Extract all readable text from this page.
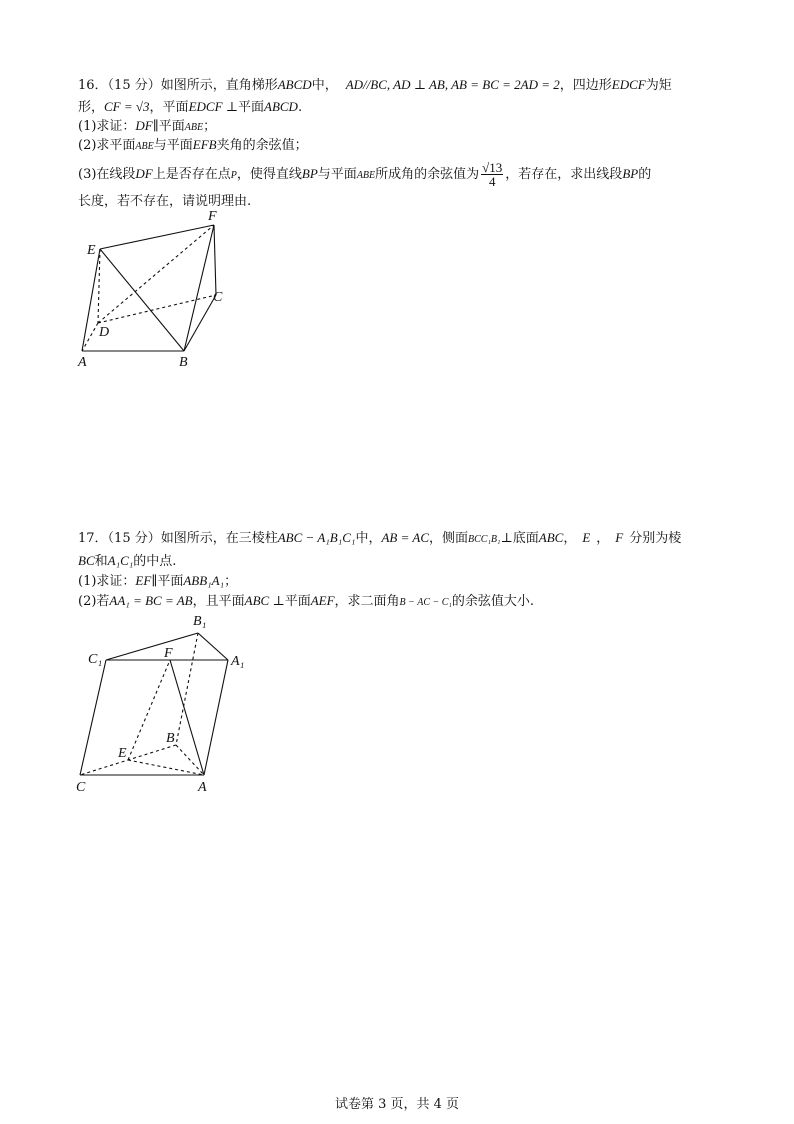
16．（15 分）如图所示，直角梯形ABCD中， AD//BC, AD ⊥ AB, AB = BC = 2AD = 2，四边形EDCF为矩
形，CF = √3，平面EDCF ⊥平面ABCD.
(1)求证：DF∥平面ABE；
(2)求平面ABE与平面EFB夹角的余弦值；
(3)在线段DF上是否存在点P，使得直线BP与平面ABE所成角的余弦值为 $\frac{√13}{4}$ ，若存在，求出线段BP的
长度，若不存在，请说明理由.
E
F
C
D
A	B
17．（15 分）如图所示，在三棱柱ABC − A₁B₁C₁中，AB = AC，侧面BCC₁B₁⊥底面ABC， E ， F 分别为棱
BC和A₁C₁的中点.
(1)求证：EF∥平面ABB₁A₁；
(2)若AA₁ = BC = AB，且平面ABC ⊥平面AEF，求二面角B − AC − C₁的余弦值大小.
B₁
C₁	F
A₁
E
B
C	A
试卷第 3 页，共 4 页
